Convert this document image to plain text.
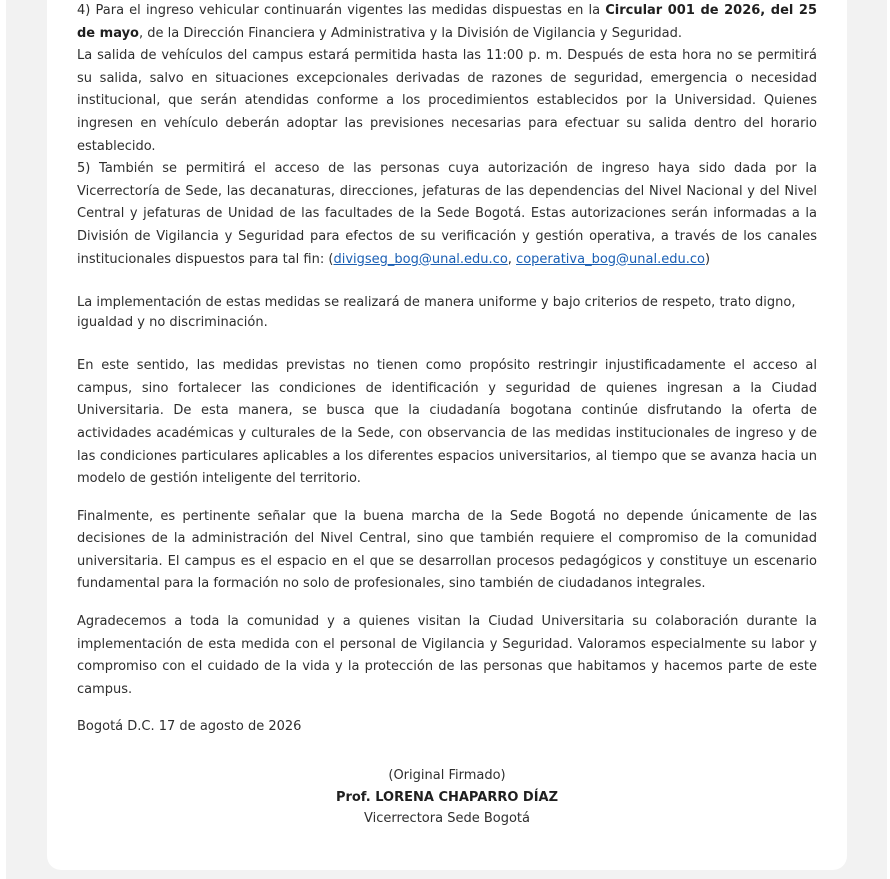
4) Para el ingreso vehicular continuarán vigentes las medidas dispuestas en la Circular 001 de 2026, del 25 de mayo, de la Dirección Financiera y Administrativa y la División de Vigilancia y Seguridad.

La salida de vehículos del campus estará permitida hasta las 11:00 p. m. Después de esta hora no se permitirá su salida, salvo en situaciones excepcionales derivadas de razones de seguridad, emergencia o necesidad institucional, que serán atendidas conforme a los procedimientos establecidos por la Universidad. Quienes ingresen en vehículo deberán adoptar las previsiones necesarias para efectuar su salida dentro del horario establecido.

5) También se permitirá el acceso de las personas cuya autorización de ingreso haya sido dada por la Vicerrectoría de Sede, las decanaturas, direcciones, jefaturas de las dependencias del Nivel Nacional y del Nivel Central y jefaturas de Unidad de las facultades de la Sede Bogotá. Estas autorizaciones serán informadas a la División de Vigilancia y Seguridad para efectos de su verificación y gestión operativa, a través de los canales institucionales dispuestos para tal fin: (divigseg_bog@unal.edu.co, coperativa_bog@unal.edu.co)

La implementación de estas medidas se realizará de manera uniforme y bajo criterios de respeto, trato digno, igualdad y no discriminación.

En este sentido, las medidas previstas no tienen como propósito restringir injustificadamente el acceso al campus, sino fortalecer las condiciones de identificación y seguridad de quienes ingresan a la Ciudad Universitaria. De esta manera, se busca que la ciudadanía bogotana continúe disfrutando la oferta de actividades académicas y culturales de la Sede, con observancia de las medidas institucionales de ingreso y de las condiciones particulares aplicables a los diferentes espacios universitarios, al tiempo que se avanza hacia un modelo de gestión inteligente del territorio.

Finalmente, es pertinente señalar que la buena marcha de la Sede Bogotá no depende únicamente de las decisiones de la administración del Nivel Central, sino que también requiere el compromiso de la comunidad universitaria. El campus es el espacio en el que se desarrollan procesos pedagógicos y constituye un escenario fundamental para la formación no solo de profesionales, sino también de ciudadanos integrales.

Agradecemos a toda la comunidad y a quienes visitan la Ciudad Universitaria su colaboración durante la implementación de esta medida con el personal de Vigilancia y Seguridad. Valoramos especialmente su labor y compromiso con el cuidado de la vida y la protección de las personas que habitamos y hacemos parte de este campus.

Bogotá D.C. 17 de agosto de 2026

(Original Firmado)
Prof. LORENA CHAPARRO DÍAZ
Vicerrectora Sede Bogotá
